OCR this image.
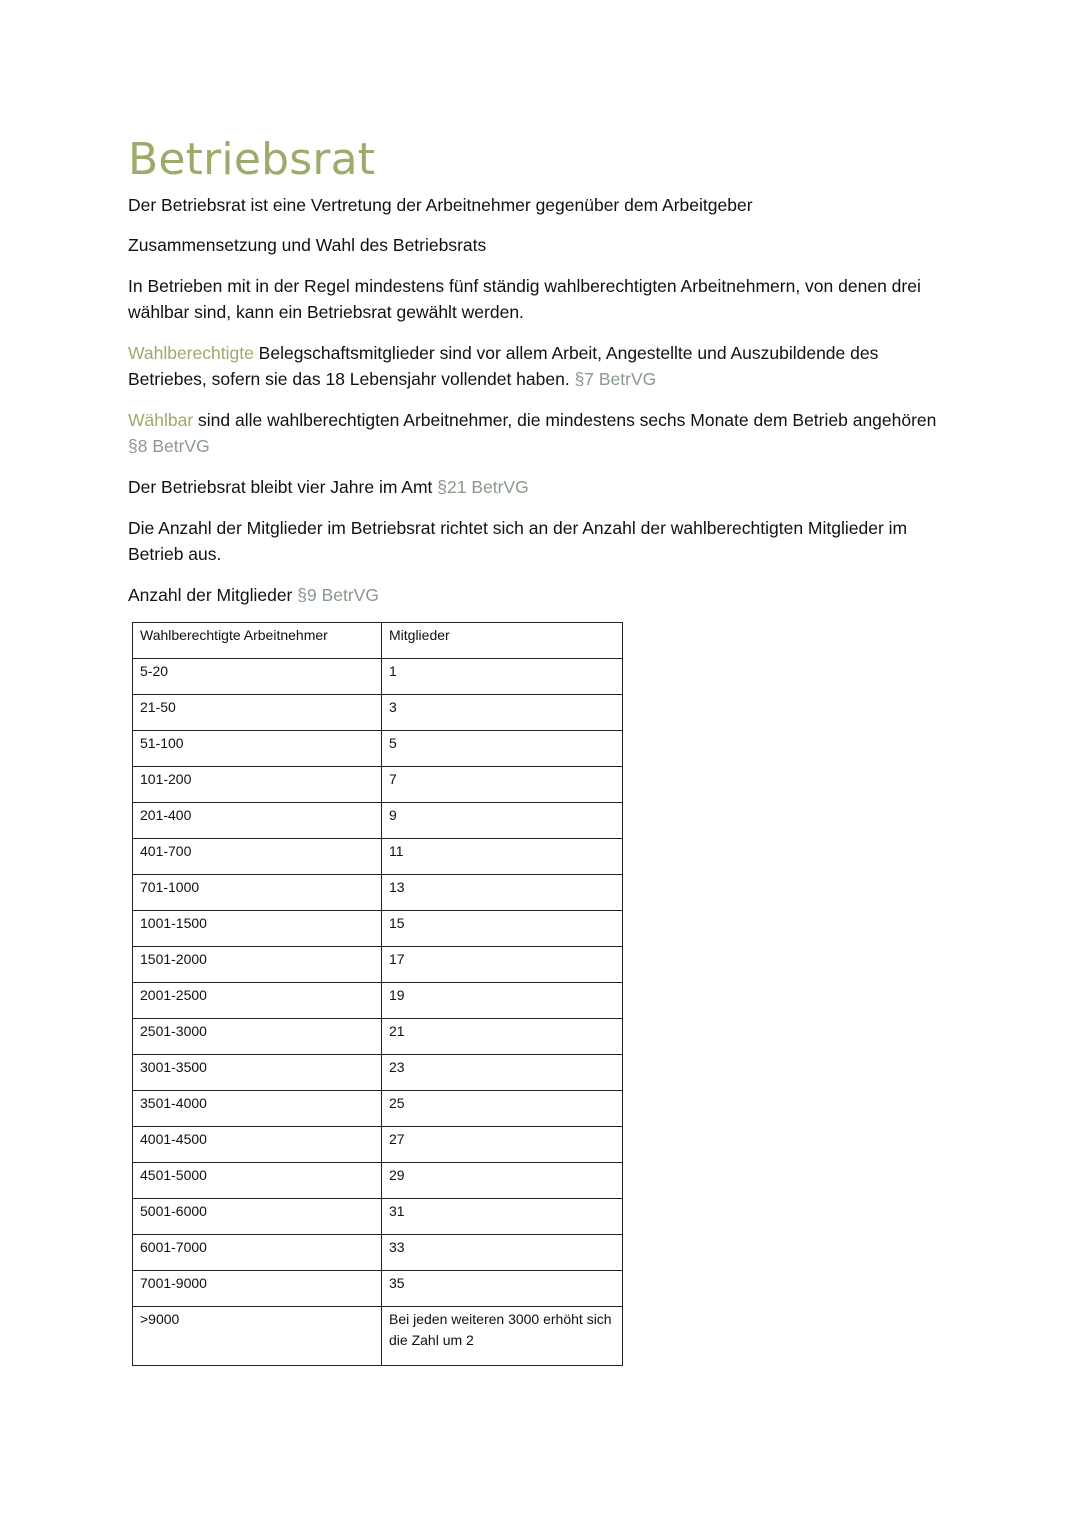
Betriebsrat

Der Betriebsrat ist eine Vertretung der Arbeitnehmer gegenüber dem Arbeitgeber

Zusammensetzung und Wahl des Betriebsrats

In Betrieben mit in der Regel mindestens fünf ständig wahlberechtigten Arbeitnehmern, von denen drei wählbar sind, kann ein Betriebsrat gewählt werden.

Wahlberechtigte Belegschaftsmitglieder sind vor allem Arbeit, Angestellte und Auszubildende des Betriebes, sofern sie das 18 Lebensjahr vollendet haben. §7 BetrVG

Wählbar sind alle wahlberechtigten Arbeitnehmer, die mindestens sechs Monate dem Betrieb angehören §8 BetrVG

Der Betriebsrat bleibt vier Jahre im Amt §21 BetrVG

Die Anzahl der Mitglieder im Betriebsrat richtet sich an der Anzahl der wahlberechtigten Mitglieder im Betrieb aus.

Anzahl der Mitglieder §9 BetrVG

Wahlberechtigte Arbeitnehmer	Mitglieder
5-20	1
21-50	3
51-100	5
101-200	7
201-400	9
401-700	11
701-1000	13
1001-1500	15
1501-2000	17
2001-2500	19
2501-3000	21
3001-3500	23
3501-4000	25
4001-4500	27
4501-5000	29
5001-6000	31
6001-7000	33
7001-9000	35
>9000	Bei jeden weiteren 3000 erhöht sich die Zahl um 2
